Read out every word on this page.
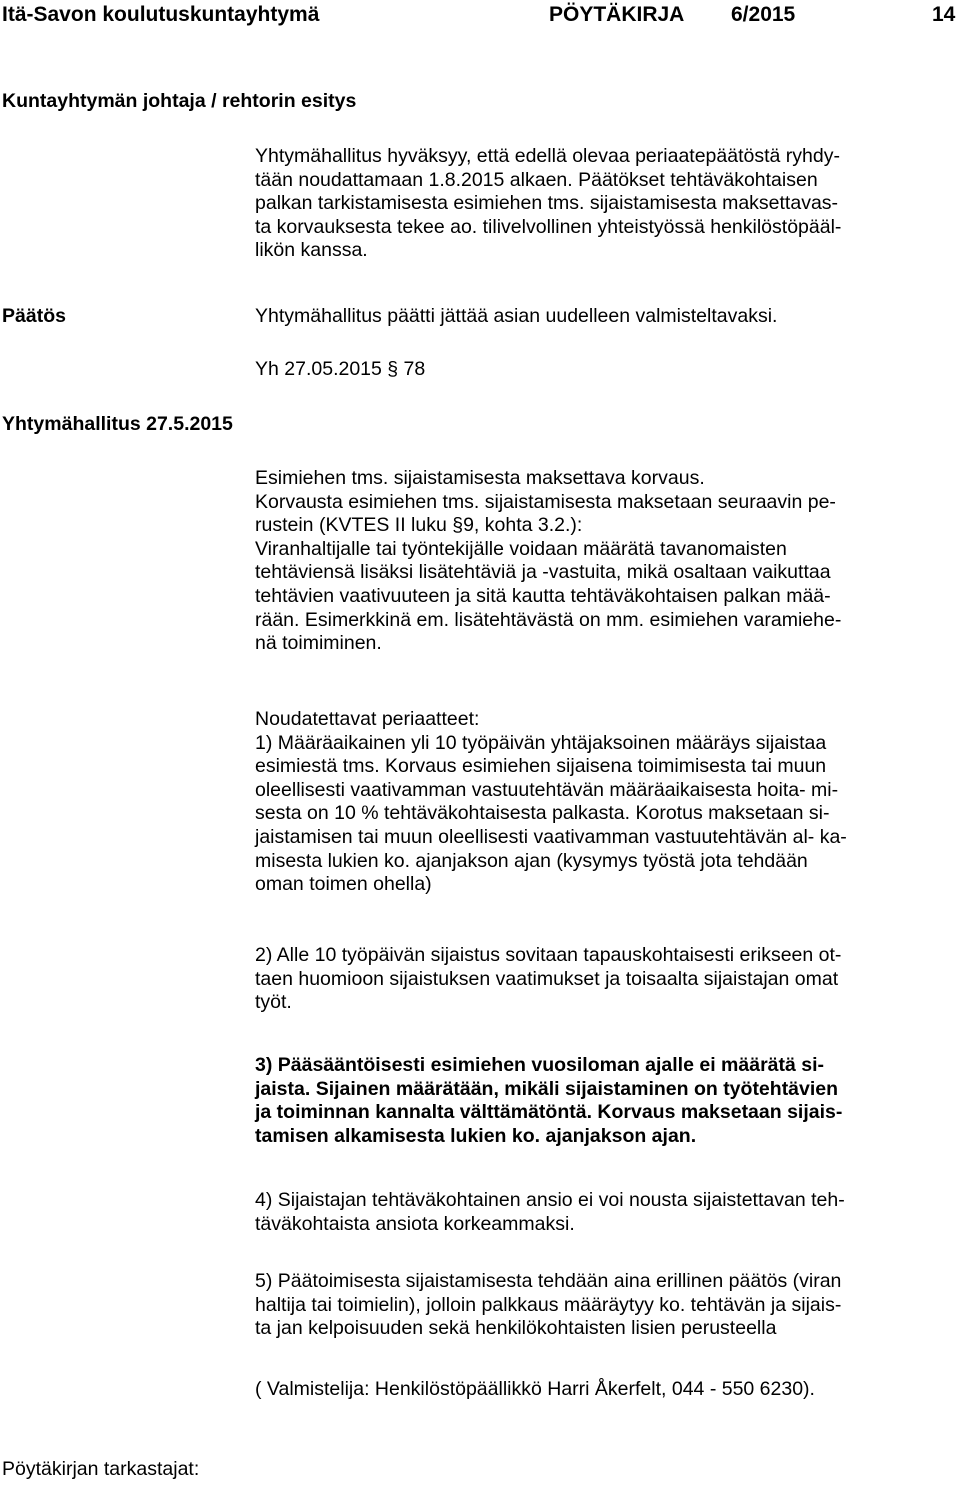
Itä-Savon koulutuskuntayhtymä	PÖYTÄKIRJA 6/2015	14
Kuntayhtymän johtaja / rehtorin esitys
Yhtymähallitus hyväksyy, että edellä olevaa periaatepäätöstä ryhdy-
tään noudattamaan 1.8.2015 alkaen. Päätökset tehtäväkohtaisen
palkan tarkistamisesta esimiehen tms. sijaistamisesta maksettavas-
ta korvauksesta tekee ao. tilivelvollinen yhteistyössä henkilöstöpääl-
likön kanssa.
Päätös	Yhtymähallitus päätti jättää asian uudelleen valmisteltavaksi.
Yh 27.05.2015 § 78
Yhtymähallitus 27.5.2015
Esimiehen tms. sijaistamisesta maksettava korvaus.
Korvausta esimiehen tms. sijaistamisesta maksetaan seuraavin pe-
rustein (KVTES II luku §9, kohta 3.2.):
Viranhaltijalle tai työntekijälle voidaan määrätä tavanomaisten
tehtäviensä lisäksi lisätehtäviä ja -vastuita, mikä osaltaan vaikuttaa
tehtävien vaativuuteen ja sitä kautta tehtäväkohtaisen palkan mää-
rään. Esimerkkinä em. lisätehtävästä on mm. esimiehen varamiehe-
nä toimiminen.
Noudatettavat periaatteet:
1) Määräaikainen yli 10 työpäivän yhtäjaksoinen määräys sijaistaa
esimiestä tms. Korvaus esimiehen sijaisena toimimisesta tai muun
oleellisesti vaativamman vastuutehtävän määräaikaisesta hoita- mi-
sesta on 10 % tehtäväkohtaisesta palkasta. Korotus maksetaan si-
jaistamisen tai muun oleellisesti vaativamman vastuutehtävän al- ka-
misesta lukien ko. ajanjakson ajan (kysymys työstä jota tehdään
oman toimen ohella)
2) Alle 10 työpäivän sijaistus sovitaan tapauskohtaisesti erikseen ot-
taen huomioon sijaistuksen vaatimukset ja toisaalta sijaistajan omat
työt.
3) Pääsääntöisesti esimiehen vuosiloman ajalle ei määrätä si-
jaista. Sijainen määrätään, mikäli sijaistaminen on työtehtävien
ja toiminnan kannalta välttämätöntä. Korvaus maksetaan sijais-
tamisen alkamisesta lukien ko. ajanjakson ajan.
4) Sijaistajan tehtäväkohtainen ansio ei voi nousta sijaistettavan teh-
täväkohtaista ansiota korkeammaksi.
5) Päätoimisesta sijaistamisesta tehdään aina erillinen päätös (viran
haltija tai toimielin), jolloin palkkaus määräytyy ko. tehtävän ja sijais-
ta jan kelpoisuuden sekä henkilökohtaisten lisien perusteella
( Valmistelija: Henkilöstöpäällikkö Harri Åkerfelt, 044 - 550 6230).
Pöytäkirjan tarkastajat:
